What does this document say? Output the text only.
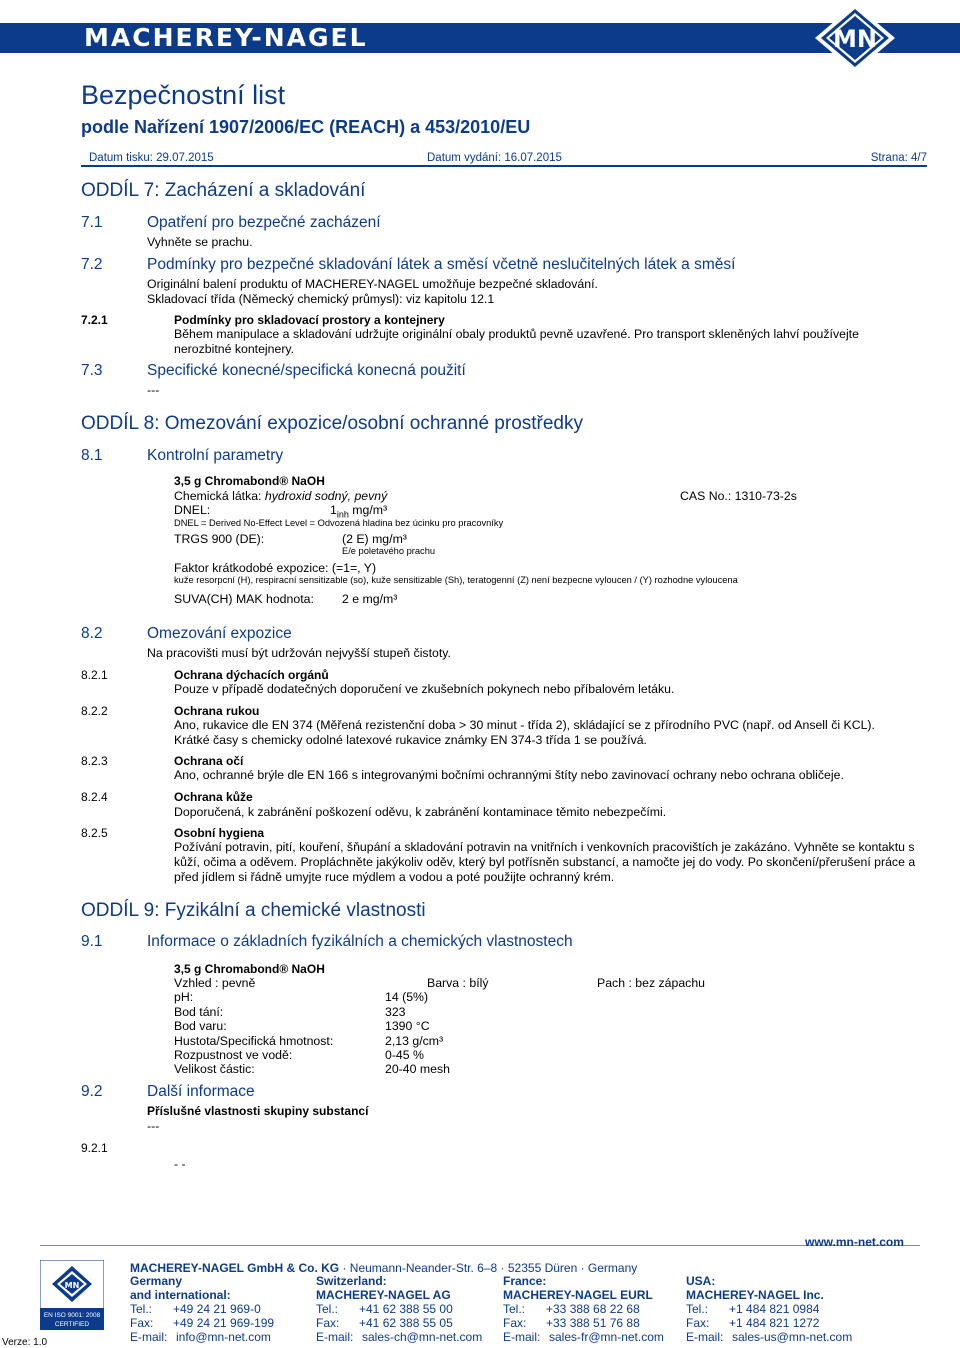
MACHEREY-NAGEL	MN
Bezpečnostní list
podle Nařízení 1907/2006/EC (REACH) a 453/2010/EU
Datum tisku: 29.07.2015	Datum vydání: 16.07.2015	Strana: 4/7
ODDÍL 7: Zacházení a skladování
7.1	Opatření pro bezpečné zacházení
Vyhněte se prachu.
7.2	Podmínky pro bezpečné skladování látek a směsí včetně neslučitelných látek a směsí
Originální balení produktu of MACHEREY-NAGEL umožňuje bezpečné skladování.
Skladovací třída (Německý chemický průmysl): viz kapitolu 12.1
7.2.1	Podmínky pro skladovací prostory a kontejnery
Během manipulace a skladování udržujte originální obaly produktů pevně uzavřené. Pro transport skleněných lahví používejte nerozbitné kontejnery.
7.3	Specifické konecné/specifická konecná použití
---
ODDÍL 8: Omezování expozice/osobní ochranné prostředky
8.1	Kontrolní parametry
3,5 g Chromabond® NaOH
Chemická látka: hydroxid sodný, pevný	CAS No.: 1310-73-2s
DNEL:	$1_{inh}$ mg/m³
DNEL = Derived No-Effect Level = Odvozená hladina bez úcinku pro pracovníky
TRGS 900 (DE):	(2 E) mg/m³
E/e poletavého prachu
Faktor krátkodobé expozice: (=1=, Y)
kuže resorpcní (H), respiracní sensitizable (so), kuže sensitizable (Sh), teratogenní (Z) není bezpecne vyloucen / (Y) rozhodne vyloucena
SUVA(CH) MAK hodnota: 2 e mg/m³
8.2	Omezování expozice
Na pracovišti musí být udržován nejvyšší stupeň čistoty.
8.2.1	Ochrana dýchacích orgánů
Pouze v případě dodatečných doporučení ve zkušebních pokynech nebo příbalovém letáku.
8.2.2	Ochrana rukou
Ano, rukavice dle EN 374 (Měřená rezistenční doba > 30 minut - třída 2), skládající se z přírodního PVC (např. od Ansell či KCL).
Krátké časy s chemicky odolné latexové rukavice známky EN 374-3 třída 1 se používá.
8.2.3	Ochrana očí
Ano, ochranné brýle dle EN 166 s integrovanými bočními ochrannými štíty nebo zavinovací ochrany nebo ochrana obličeje.
8.2.4	Ochrana kůže
Doporučená, k zabránění poškození oděvu, k zabránění kontaminace těmito nebezpečími.
8.2.5	Osobní hygiena
Požívání potravin, pití, kouření, šňupání a skladování potravin na vnitřních i venkovních pracovištích je zakázáno. Vyhněte se kontaktu s kůží, očima a oděvem. Propláchněte jakýkoliv oděv, který byl potřísněn substancí, a namočte jej do vody. Po skončení/přerušení práce a před jídlem si řádně umyjte ruce mýdlem a vodou a poté použijte ochranný krém.
ODDÍL 9: Fyzikální a chemické vlastnosti
9.1	Informace o základních fyzikálních a chemických vlastnostech
3,5 g Chromabond® NaOH
Vzhled : pevně	Barva : bílý	Pach : bez zápachu
pH:	14 (5%)
Bod tání:	323
Bod varu:	1390 °C
Hustota/Specifická hmotnost:	2,13 g/cm³
Rozpustnost ve vodě:	0-45 %
Velikost částic:	20-40 mesh
9.2	Další informace
Příslušné vlastnosti skupiny substancí
---
9.2.1
- -
www.mn-net.com
MACHEREY-NAGEL GmbH & Co. KG · Neumann-Neander-Str. 6–8 · 52355 Düren · Germany
MN
EN ISO 9001: 2008
CERTIFIED
Verze: 1.0
Germany
and international:
Tel.: +49 24 21 969-0
Fax: +49 24 21 969-199
E-mail: info@mn-net.com
Switzerland:
MACHEREY-NAGEL AG
Tel.: +41 62 388 55 00
Fax: +41 62 388 55 05
E-mail: sales-ch@mn-net.com
France:
MACHEREY-NAGEL EURL
Tel.: +33 388 68 22 68
Fax: +33 388 51 76 88
E-mail: sales-fr@mn-net.com
USA:
MACHEREY-NAGEL Inc.
Tel.: +1 484 821 0984
Fax: +1 484 821 1272
E-mail: sales-us@mn-net.com
